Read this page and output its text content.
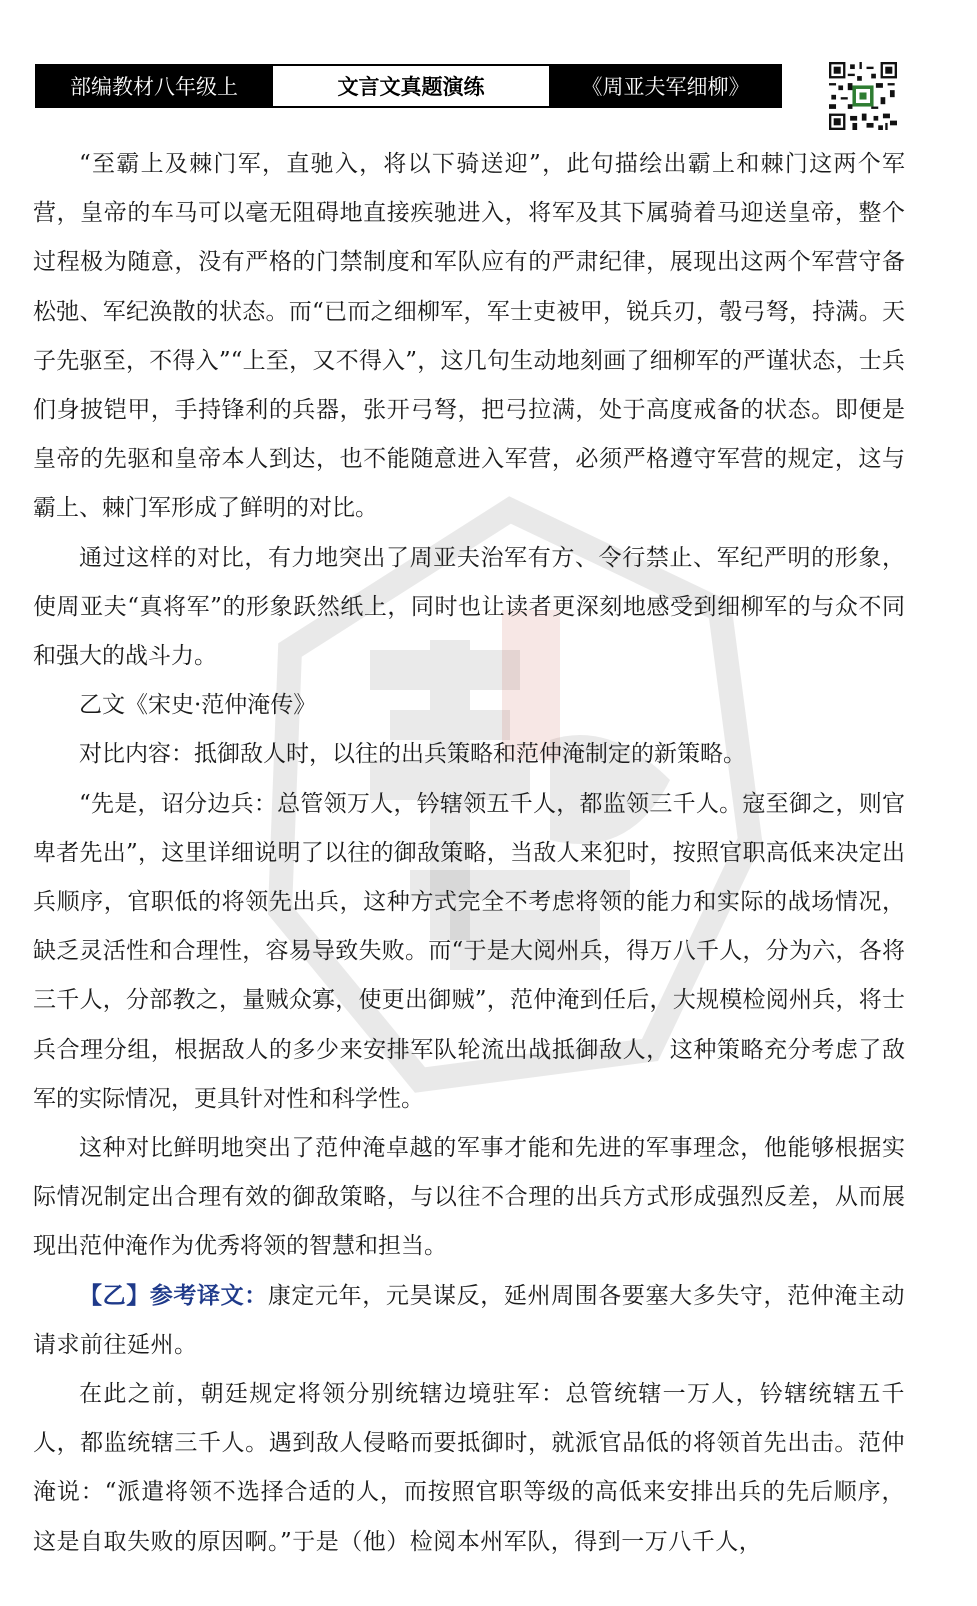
部编教材八年级上	文言文真题演练	《周亚夫军细柳》

“至霸上及棘门军，直驰入，将以下骑送迎”，此句描绘出霸上和棘门这两个军营，皇帝的车马可以毫无阻碍地直接疾驰进入，将军及其下属骑着马迎送皇帝，整个过程极为随意，没有严格的门禁制度和军队应有的严肃纪律，展现出这两个军营守备松弛、军纪涣散的状态。而“已而之细柳军，军士吏被甲，锐兵刃，彀弓弩，持满。天子先驱至，不得入”“上至，又不得入”，这几句生动地刻画了细柳军的严谨状态，士兵们身披铠甲，手持锋利的兵器，张开弓弩，把弓拉满，处于高度戒备的状态。即便是皇帝的先驱和皇帝本人到达，也不能随意进入军营，必须严格遵守军营的规定，这与霸上、棘门军形成了鲜明的对比。

通过这样的对比，有力地突出了周亚夫治军有方、令行禁止、军纪严明的形象，使周亚夫“真将军”的形象跃然纸上，同时也让读者更深刻地感受到细柳军的与众不同和强大的战斗力。

乙文《宋史·范仲淹传》

对比内容：抵御敌人时，以往的出兵策略和范仲淹制定的新策略。

“先是，诏分边兵：总管领万人，钤辖领五千人，都监领三千人。寇至御之，则官卑者先出”，这里详细说明了以往的御敌策略，当敌人来犯时，按照官职高低来决定出兵顺序，官职低的将领先出兵，这种方式完全不考虑将领的能力和实际的战场情况，缺乏灵活性和合理性，容易导致失败。而“于是大阅州兵，得万八千人，分为六，各将三千人，分部教之，量贼众寡，使更出御贼”，范仲淹到任后，大规模检阅州兵，将士兵合理分组，根据敌人的多少来安排军队轮流出战抵御敌人，这种策略充分考虑了敌军的实际情况，更具针对性和科学性。

这种对比鲜明地突出了范仲淹卓越的军事才能和先进的军事理念，他能够根据实际情况制定出合理有效的御敌策略，与以往不合理的出兵方式形成强烈反差，从而展现出范仲淹作为优秀将领的智慧和担当。

【乙】参考译文：康定元年，元昊谋反，延州周围各要塞大多失守，范仲淹主动请求前往延州。

在此之前，朝廷规定将领分别统辖边境驻军：总管统辖一万人，钤辖统辖五千人，都监统辖三千人。遇到敌人侵略而要抵御时，就派官品低的将领首先出击。范仲淹说：“派遣将领不选择合适的人，而按照官职等级的高低来安排出兵的先后顺序，这是自取失败的原因啊。”于是（他）检阅本州军队，得到一万八千人，
